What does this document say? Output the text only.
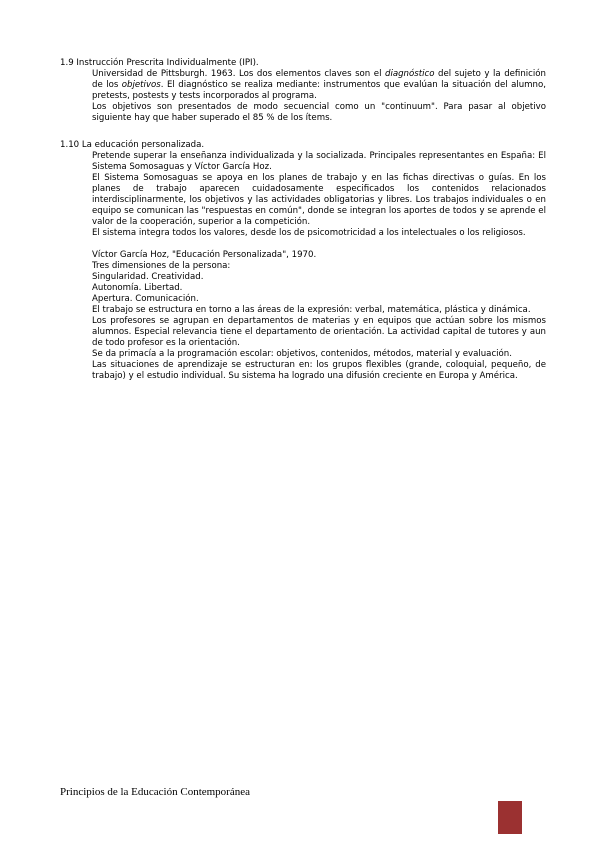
1.9 Instrucción Prescrita Individualmente (IPI).

Universidad de Pittsburgh. 1963. Los dos elementos claves son el diagnóstico del sujeto y la definición de los objetivos. El diagnóstico se realiza mediante: instrumentos que evalúan la situación del alumno, pretests, postests y tests incorporados al programa.

Los objetivos son presentados de modo secuencial como un "continuum". Para pasar al objetivo siguiente hay que haber superado el 85 % de los ítems.

1.10 La educación personalizada.

Pretende superar la enseñanza individualizada y la socializada. Principales representantes en España: El Sistema Somosaguas y Víctor García Hoz.

El Sistema Somosaguas se apoya en los planes de trabajo y en las fichas directivas o guías. En los planes de trabajo aparecen cuidadosamente especificados los contenidos relacionados interdisciplinarmente, los objetivos y las actividades obligatorias y libres. Los trabajos individuales o en equipo se comunican las "respuestas en común", donde se integran los aportes de todos y se aprende el valor de la cooperación, superior a la competición.

El sistema integra todos los valores, desde los de psicomotricidad a los intelectuales o los religiosos.

Víctor García Hoz, "Educación Personalizada", 1970.

Tres dimensiones de la persona:

Singularidad. Creatividad.

Autonomía. Libertad.

Apertura. Comunicación.

El trabajo se estructura en torno a las áreas de la expresión: verbal, matemática, plástica y dinámica.

Los profesores se agrupan en departamentos de materias y en equipos que actúan sobre los mismos alumnos. Especial relevancia tiene el departamento de orientación. La actividad capital de tutores y aun de todo profesor es la orientación.

Se da primacía a la programación escolar: objetivos, contenidos, métodos, material y evaluación.

Las situaciones de aprendizaje se estructuran en: los grupos flexibles (grande, coloquial, pequeño, de trabajo) y el estudio individual. Su sistema ha logrado una difusión creciente en Europa y América.

Principios de la Educación Contemporánea
